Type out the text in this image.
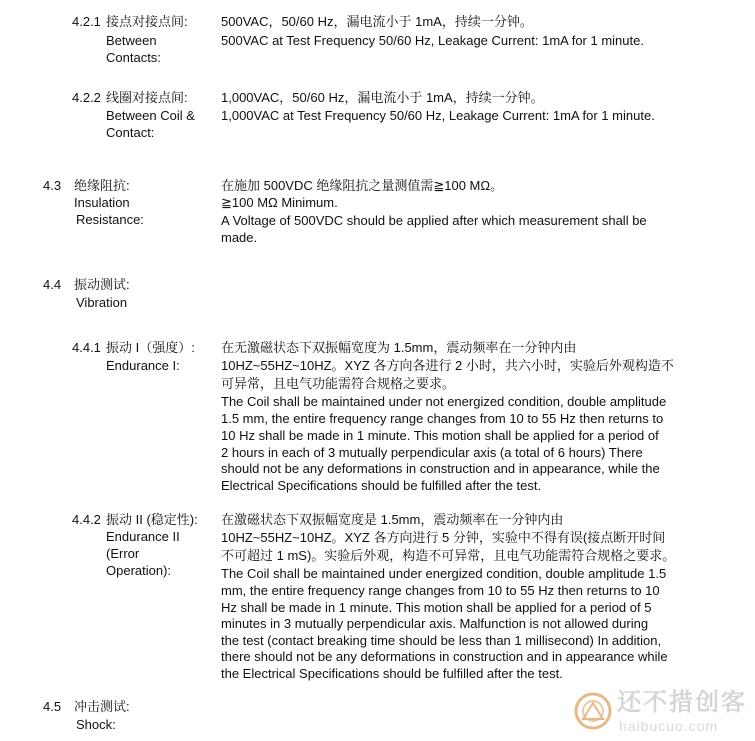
4.2.1 接点对接点间:
Between
Contacts:
500VAC，50/60 Hz，漏电流小于 1mA，持续一分钟。
500VAC at Test Frequency 50/60 Hz, Leakage Current: 1mA for 1 minute.
4.2.2 线圈对接点间:
Between Coil &
Contact:
1,000VAC，50/60 Hz，漏电流小于 1mA，持续一分钟。
1,000VAC at Test Frequency 50/60 Hz, Leakage Current: 1mA for 1 minute.
4.3 绝缘阻抗:
Insulation
Resistance:
在施加 500VDC 绝缘阻抗之量测值需≧100 MΩ。
≧100 MΩ Minimum.
A Voltage of 500VDC should be applied after which measurement shall be
made.
4.4 振动测试:
Vibration
4.4.1 振动 I（强度）:
Endurance I:
在无激磁状态下双振幅宽度为 1.5mm，震动频率在一分钟内由
10HZ~55HZ~10HZ。XYZ 各方向各进行 2 小时，共六小时，实验后外观构造不
可异常，且电气功能需符合规格之要求。
The Coil shall be maintained under not energized condition, double amplitude
1.5 mm, the entire frequency range changes from 10 to 55 Hz then returns to
10 Hz shall be made in 1 minute. This motion shall be applied for a period of
2 hours in each of 3 mutually perpendicular axis (a total of 6 hours) There
should not be any deformations in construction and in appearance, while the
Electrical Specifications should be fulfilled after the test.
4.4.2 振动 II (稳定性):
Endurance II
(Error
Operation):
在激磁状态下双振幅宽度是 1.5mm，震动频率在一分钟内由
10HZ~55HZ~10HZ。XYZ 各方向进行 5 分钟，实验中不得有误(接点断开时间
不可超过 1 mS)。实验后外观，构造不可异常，且电气功能需符合规格之要求。
The Coil shall be maintained under energized condition, double amplitude 1.5
mm, the entire frequency range changes from 10 to 55 Hz then returns to 10
Hz shall be made in 1 minute. This motion shall be applied for a period of 5
minutes in 3 mutually perpendicular axis. Malfunction is not allowed during
the test (contact breaking time should be less than 1 millisecond) In addition,
there should not be any deformations in construction and in appearance while
the Electrical Specifications should be fulfilled after the test.
4.5 冲击测试:
Shock:
还不措创客
haibucuo.com
